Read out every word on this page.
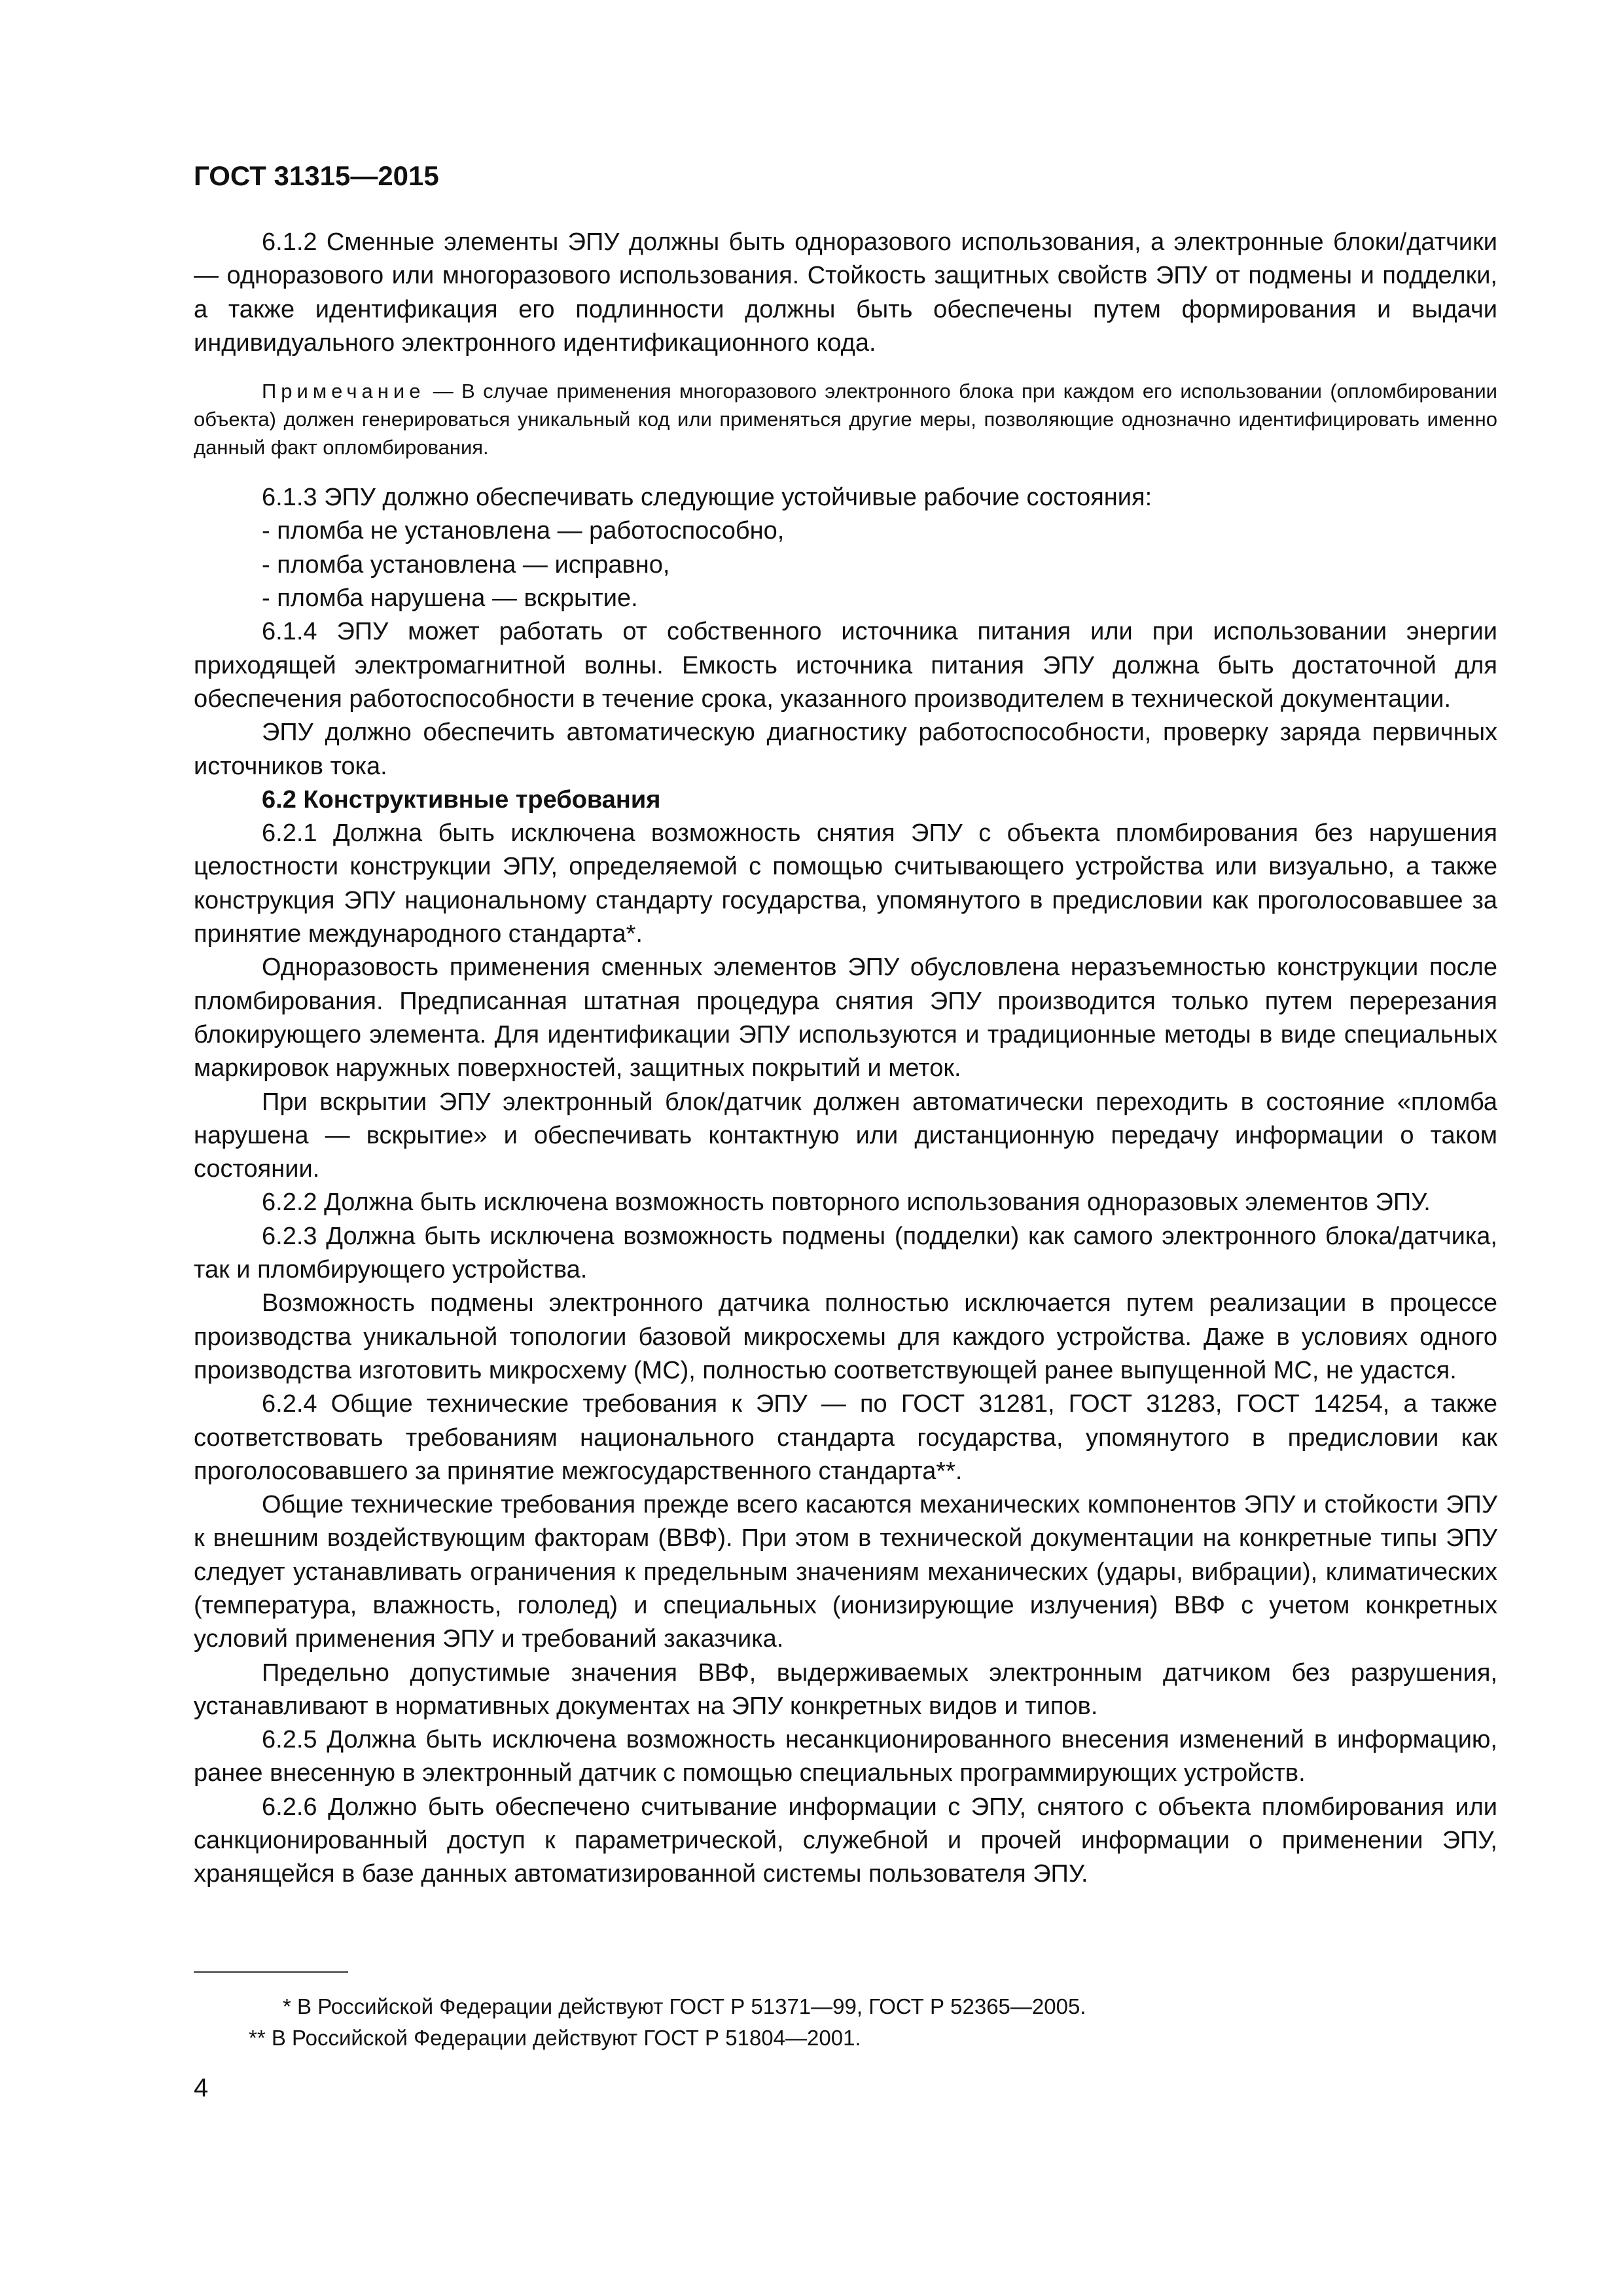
ГОСТ 31315—2015

6.1.2 Сменные элементы ЭПУ должны быть одноразового использования, а электронные блоки/датчики — одноразового или многоразового использования. Стойкость защитных свойств ЭПУ от подмены и подделки, а также идентификация его подлинности должны быть обеспечены путем формирования и выдачи индивидуального электронного идентификационного кода.

Примечание — В случае применения многоразового электронного блока при каждом его использовании (опломбировании объекта) должен генерироваться уникальный код или применяться другие меры, позволяющие однозначно идентифицировать именно данный факт опломбирования.

6.1.3 ЭПУ должно обеспечивать следующие устойчивые рабочие состояния:

- пломба не установлена — работоспособно,

- пломба установлена — исправно,

- пломба нарушена — вскрытие.

6.1.4 ЭПУ может работать от собственного источника питания или при использовании энергии приходящей электромагнитной волны. Емкость источника питания ЭПУ должна быть достаточной для обеспечения работоспособности в течение срока, указанного производителем в технической документации.

ЭПУ должно обеспечить автоматическую диагностику работоспособности, проверку заряда первичных источников тока.

6.2 Конструктивные требования

6.2.1 Должна быть исключена возможность снятия ЭПУ с объекта пломбирования без нарушения целостности конструкции ЭПУ, определяемой с помощью считывающего устройства или визуально, а также конструкция ЭПУ национальному стандарту государства, упомянутого в предисловии как проголосовавшее за принятие международного стандарта*.

Одноразовость применения сменных элементов ЭПУ обусловлена неразъемностью конструкции после пломбирования. Предписанная штатная процедура снятия ЭПУ производится только путем перерезания блокирующего элемента. Для идентификации ЭПУ используются и традиционные методы в виде специальных маркировок наружных поверхностей, защитных покрытий и меток.

При вскрытии ЭПУ электронный блок/датчик должен автоматически переходить в состояние «пломба нарушена — вскрытие» и обеспечивать контактную или дистанционную передачу информации о таком состоянии.

6.2.2 Должна быть исключена возможность повторного использования одноразовых элементов ЭПУ.

6.2.3 Должна быть исключена возможность подмены (подделки) как самого электронного блока/датчика, так и пломбирующего устройства.

Возможность подмены электронного датчика полностью исключается путем реализации в процессе производства уникальной топологии базовой микросхемы для каждого устройства. Даже в условиях одного производства изготовить микросхему (МС), полностью соответствующей ранее выпущенной МС, не удастся.

6.2.4 Общие технические требования к ЭПУ — по ГОСТ 31281, ГОСТ 31283, ГОСТ 14254, а также соответствовать требованиям национального стандарта государства, упомянутого в предисловии как проголосовавшего за принятие межгосударственного стандарта**.

Общие технические требования прежде всего касаются механических компонентов ЭПУ и стойкости ЭПУ к внешним воздействующим факторам (ВВФ). При этом в технической документации на конкретные типы ЭПУ следует устанавливать ограничения к предельным значениям механических (удары, вибрации), климатических (температура, влажность, гололед) и специальных (ионизирующие излучения) ВВФ с учетом конкретных условий применения ЭПУ и требований заказчика.

Предельно допустимые значения ВВФ, выдерживаемых электронным датчиком без разрушения, устанавливают в нормативных документах на ЭПУ конкретных видов и типов.

6.2.5 Должна быть исключена возможность несанкционированного внесения изменений в информацию, ранее внесенную в электронный датчик с помощью специальных программирующих устройств.

6.2.6 Должно быть обеспечено считывание информации с ЭПУ, снятого с объекта пломбирования или санкционированный доступ к параметрической, служебной и прочей информации о применении ЭПУ, хранящейся в базе данных автоматизированной системы пользователя ЭПУ.

* В Российской Федерации действуют ГОСТ Р 51371—99, ГОСТ Р 52365—2005.
** В Российской Федерации действуют ГОСТ Р 51804—2001.
4
